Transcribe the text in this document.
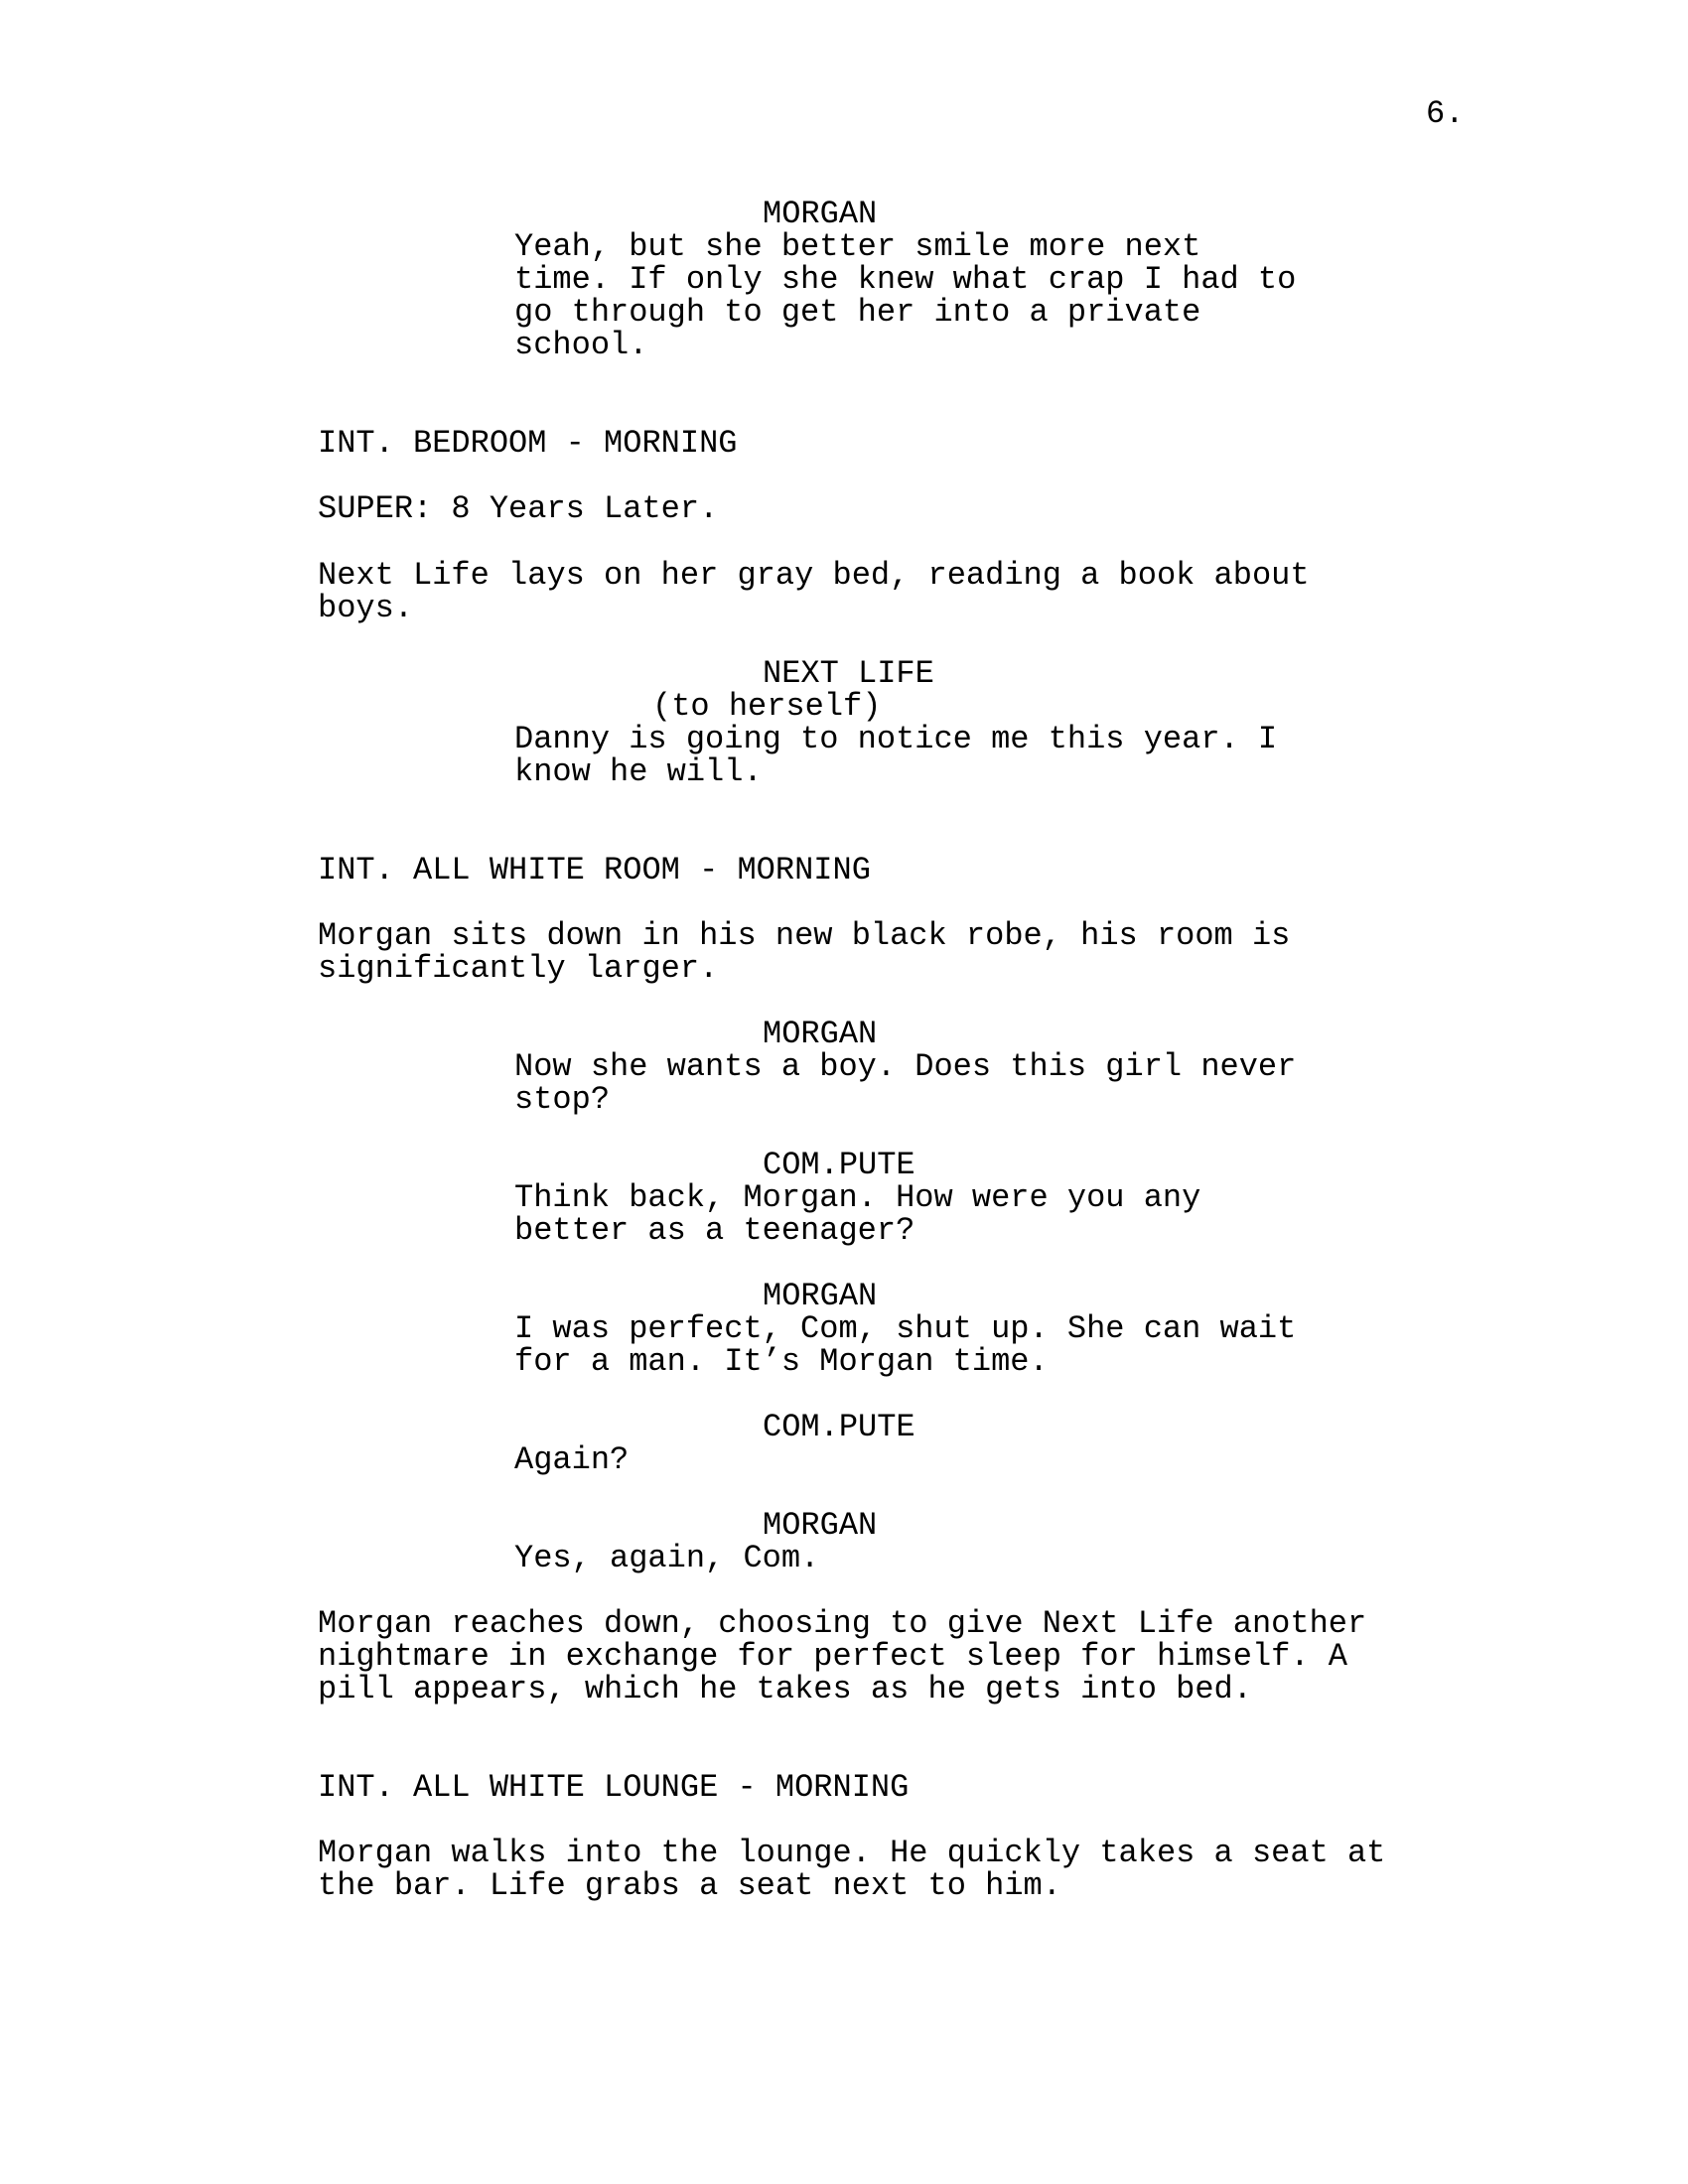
6.
MORGAN
Yeah, but she better smile more next
time. If only she knew what crap I had to
go through to get her into a private
school.
INT. BEDROOM - MORNING
SUPER: 8 Years Later.
Next Life lays on her gray bed, reading a book about
boys.
NEXT LIFE
(to herself)
Danny is going to notice me this year. I
know he will.
INT. ALL WHITE ROOM - MORNING
Morgan sits down in his new black robe, his room is
significantly larger.
MORGAN
Now she wants a boy. Does this girl never
stop?
COM.PUTE
Think back, Morgan. How were you any
better as a teenager?
MORGAN
I was perfect, Com, shut up. She can wait
for a man. It’s Morgan time.
COM.PUTE
Again?
MORGAN
Yes, again, Com.
Morgan reaches down, choosing to give Next Life another
nightmare in exchange for perfect sleep for himself. A
pill appears, which he takes as he gets into bed.
INT. ALL WHITE LOUNGE - MORNING
Morgan walks into the lounge. He quickly takes a seat at
the bar. Life grabs a seat next to him.
